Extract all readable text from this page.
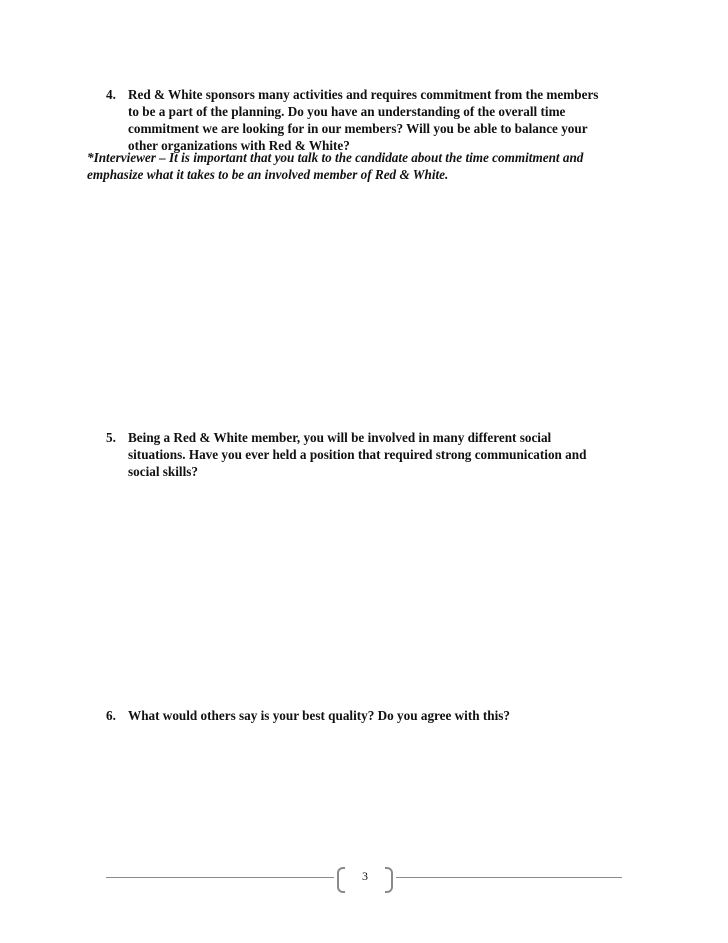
4. Red & White sponsors many activities and requires commitment from the members
to be a part of the planning. Do you have an understanding of the overall time
commitment we are looking for in our members? Will you be able to balance your
other organizations with Red & White?
*Interviewer – It is important that you talk to the candidate about the time commitment and
emphasize what it takes to be an involved member of Red & White.
5. Being a Red & White member, you will be involved in many different social
situations. Have you ever held a position that required strong communication and
social skills?
6. What would others say is your best quality? Do you agree with this?
3
